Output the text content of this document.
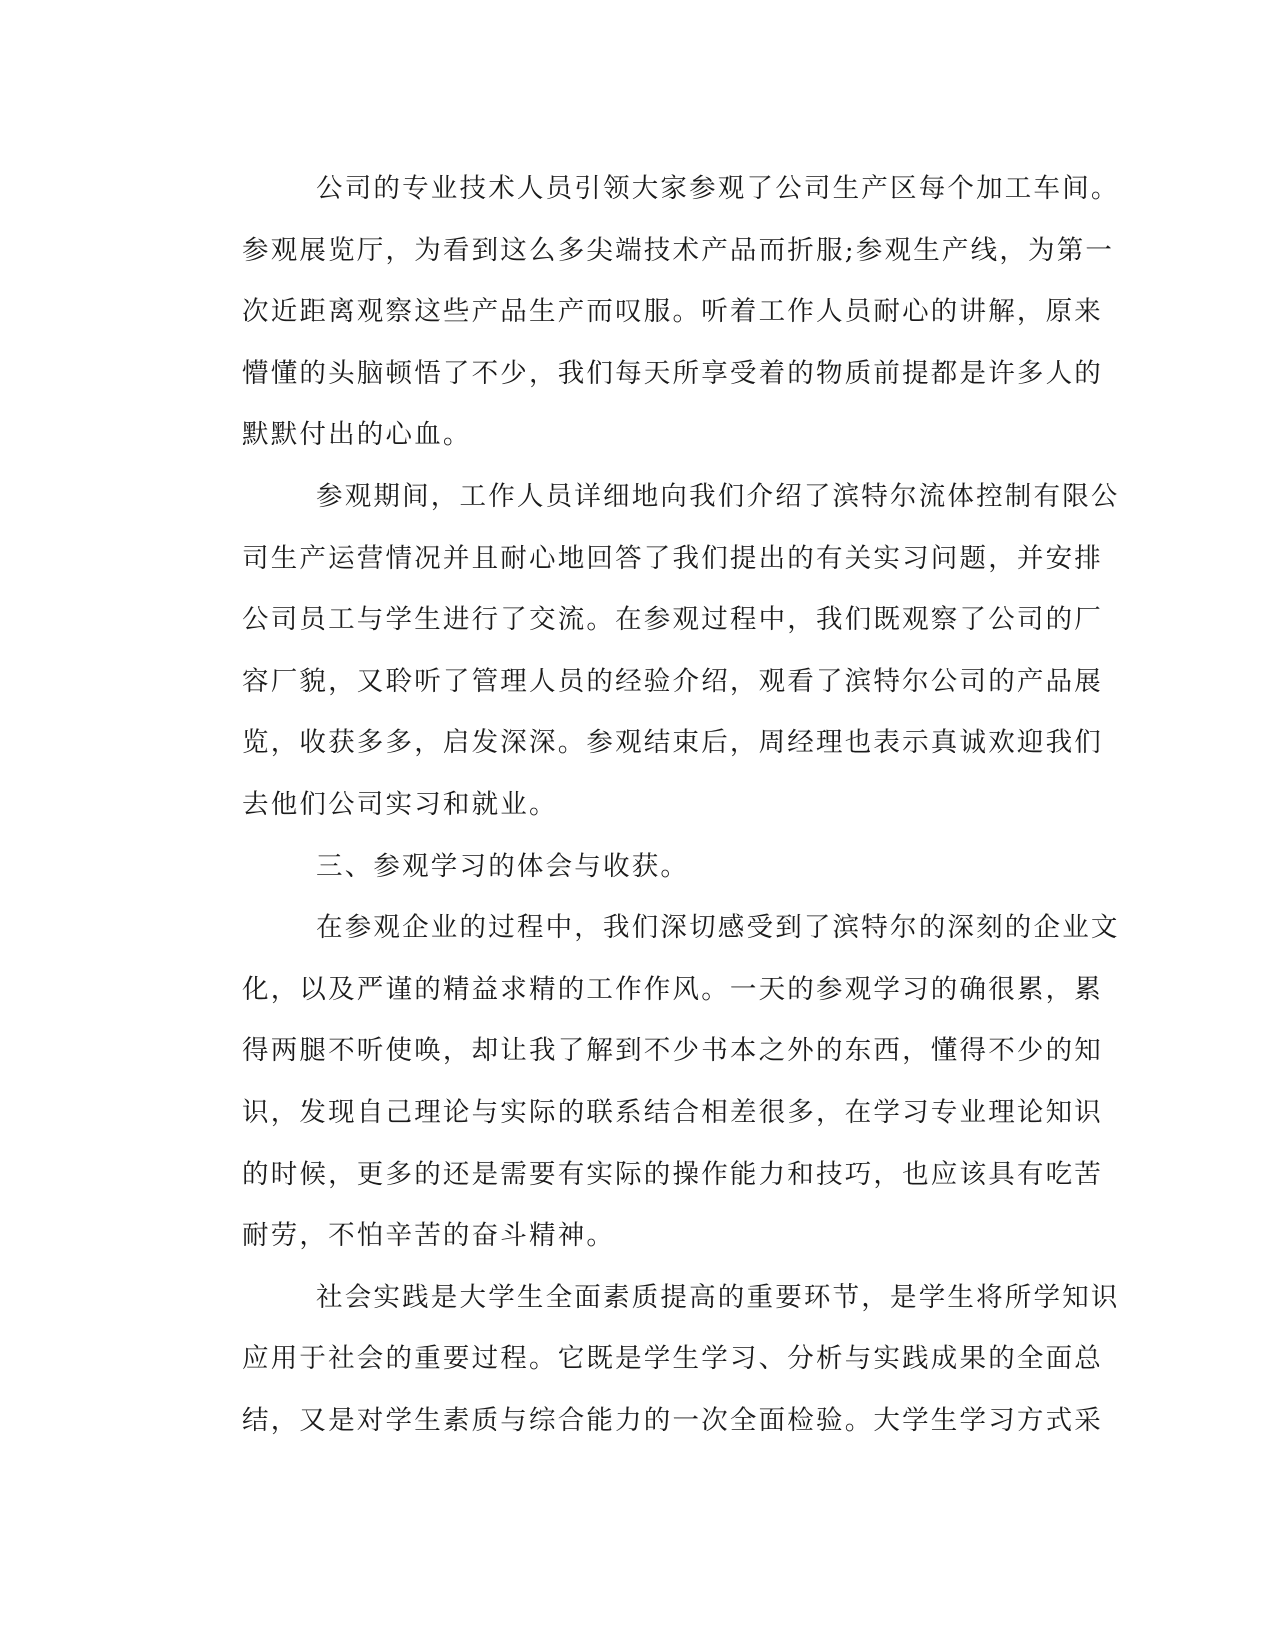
公司的专业技术人员引领大家参观了公司生产区每个加工车间。
参观展览厅，为看到这么多尖端技术产品而折服;参观生产线，为第一
次近距离观察这些产品生产而叹服。听着工作人员耐心的讲解，原来
懵懂的头脑顿悟了不少，我们每天所享受着的物质前提都是许多人的
默默付出的心血。
参观期间，工作人员详细地向我们介绍了滨特尔流体控制有限公
司生产运营情况并且耐心地回答了我们提出的有关实习问题，并安排
公司员工与学生进行了交流。在参观过程中，我们既观察了公司的厂
容厂貌，又聆听了管理人员的经验介绍，观看了滨特尔公司的产品展
览，收获多多，启发深深。参观结束后，周经理也表示真诚欢迎我们
去他们公司实习和就业。
三、参观学习的体会与收获。
在参观企业的过程中，我们深切感受到了滨特尔的深刻的企业文
化，以及严谨的精益求精的工作作风。一天的参观学习的确很累，累
得两腿不听使唤，却让我了解到不少书本之外的东西，懂得不少的知
识，发现自己理论与实际的联系结合相差很多，在学习专业理论知识
的时候，更多的还是需要有实际的操作能力和技巧，也应该具有吃苦
耐劳，不怕辛苦的奋斗精神。
社会实践是大学生全面素质提高的重要环节，是学生将所学知识
应用于社会的重要过程。它既是学生学习、分析与实践成果的全面总
结，又是对学生素质与综合能力的一次全面检验。大学生学习方式采
